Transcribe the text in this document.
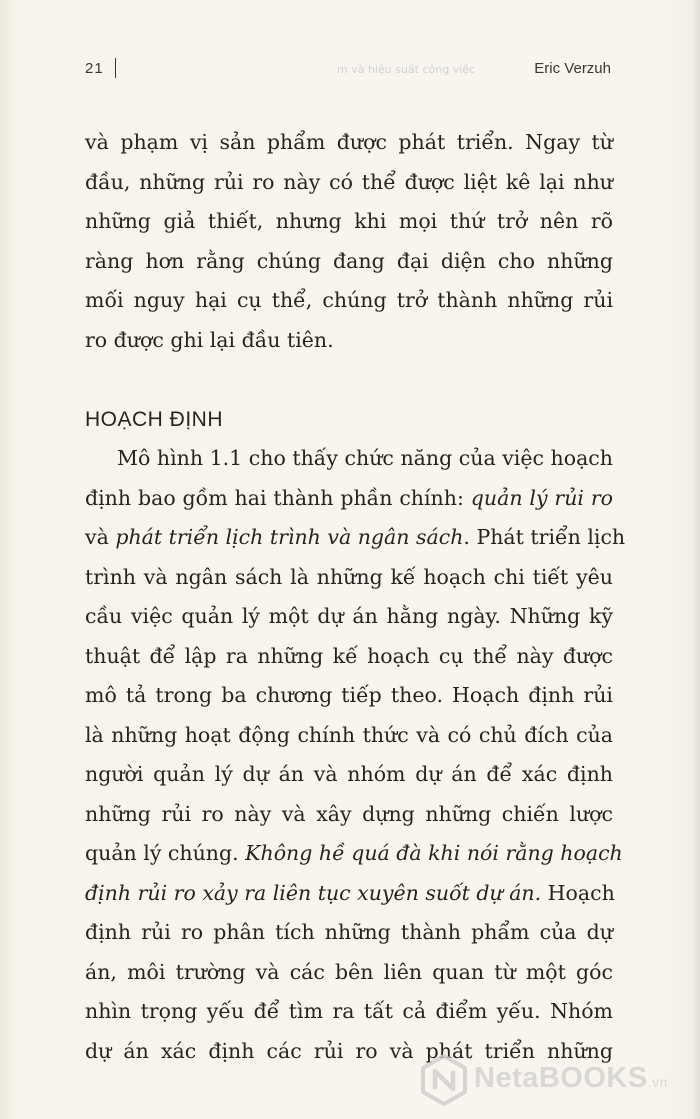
21	m và hiệu suất công việc	Eric Verzuh
và phạm vị sản phẩm được phát triển. Ngay từ
đầu, những rủi ro này có thể được liệt kê lại như
những giả thiết, nhưng khi mọi thứ trở nên rõ
ràng hơn rằng chúng đang đại diện cho những
mối nguy hại cụ thể, chúng trở thành những rủi
ro được ghi lại đầu tiên.
HOẠCH ĐỊNH
Mô hình 1.1 cho thấy chức năng của việc hoạch
định bao gồm hai thành phần chính: quản lý rủi ro
và phát triển lịch trình và ngân sách. Phát triển lịch
trình và ngân sách là những kế hoạch chi tiết yêu
cầu việc quản lý một dự án hằng ngày. Những kỹ
thuật để lập ra những kế hoạch cụ thể này được
mô tả trong ba chương tiếp theo. Hoạch định rủi
là những hoạt động chính thức và có chủ đích của
người quản lý dự án và nhóm dự án để xác định
những rủi ro này và xây dựng những chiến lược
quản lý chúng. Không hề quá đà khi nói rằng hoạch
định rủi ro xảy ra liên tục xuyên suốt dự án. Hoạch
định rủi ro phân tích những thành phẩm của dự
án, môi trường và các bên liên quan từ một góc
nhìn trọng yếu để tìm ra tất cả điểm yếu. Nhóm
dự án xác định các rủi ro và phát triển những
NetaBOOKS.vn
